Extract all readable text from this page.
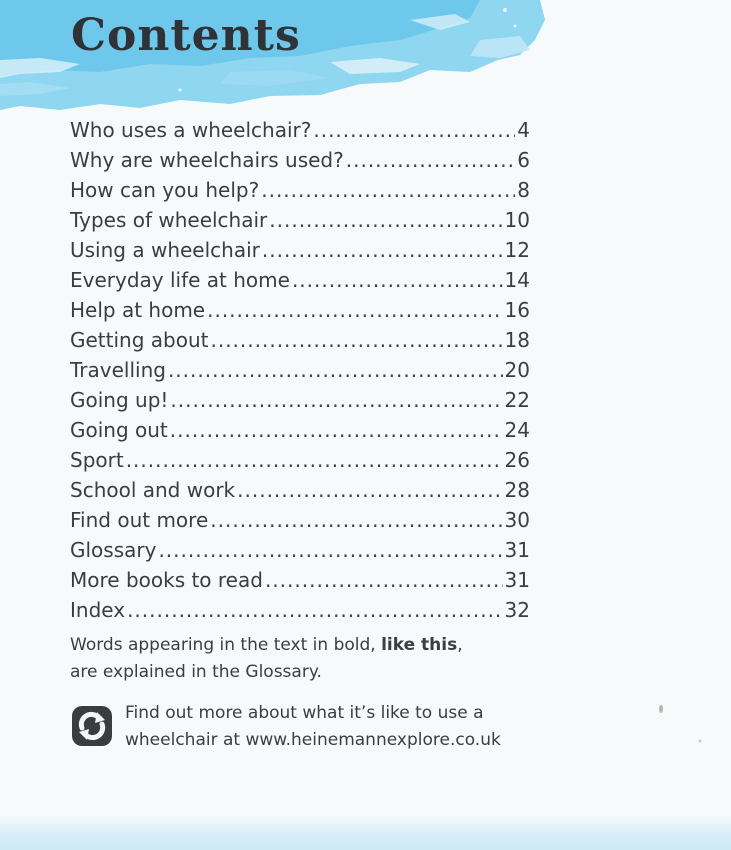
Contents
Who uses a wheelchair? .....	4
Why are wheelchairs used? .....	6
How can you help? .....	8
Types of wheelchair .....	10
Using a wheelchair .....	12
Everyday life at home .....	14
Help at home .....	16
Getting about .....	18
Travelling .....	20
Going up! .....	22
Going out .....	24
Sport .....	26
School and work .....	28
Find out more .....	30
Glossary .....	31
More books to read .....	31
Index .....	32

Words appearing in the text in bold, like this,
are explained in the Glossary.

Find out more about what it’s like to use a
wheelchair at www.heinemannexplore.co.uk
